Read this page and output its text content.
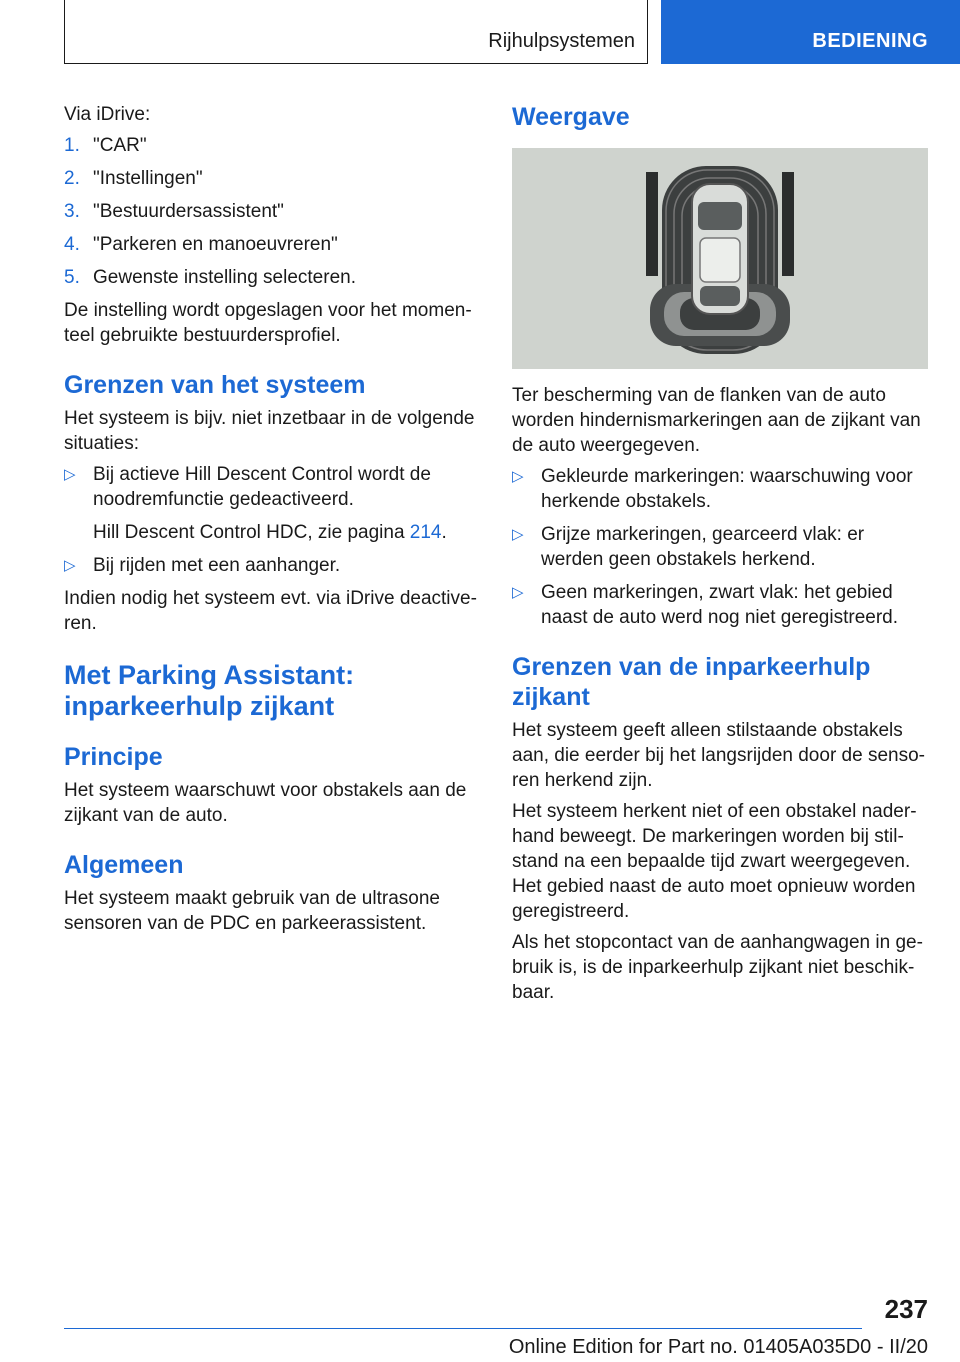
Rijhulpsystemen	BEDIENING

Via iDrive:

1. "CAR"
2. "Instellingen"
3. "Bestuurdersassistent"
4. "Parkeren en manoeuvreren"
5. Gewenste instelling selecteren.

De instelling wordt opgeslagen voor het momenteel gebruikte bestuurdersprofiel.

Grenzen van het systeem

Het systeem is bijv. niet inzetbaar in de volgende situaties:

▷ Bij actieve Hill Descent Control wordt de noodremfunctie gedeactiveerd.

Hill Descent Control HDC, zie pagina 214.

▷ Bij rijden met een aanhanger.

Indien nodig het systeem evt. via iDrive deactiveren.

Met Parking Assistant: inparkeerhulp zijkant
Principe

Het systeem waarschuwt voor obstakels aan de zijkant van de auto.

Algemeen

Het systeem maakt gebruik van de ultrasone sensoren van de PDC en parkeerassistent.

Weergave

Ter bescherming van de flanken van de auto worden hindernismarkeringen aan de zijkant van de auto weergegeven.

▷ Gekleurde markeringen: waarschuwing voor herkende obstakels.

▷ Grijze markeringen, gearceerd vlak: er werden geen obstakels herkend.

▷ Geen markeringen, zwart vlak: het gebied naast de auto werd nog niet geregistreerd.

Grenzen van de inparkeerhulp zijkant

Het systeem geeft alleen stilstaande obstakels aan, die eerder bij het langsrijden door de sensoren herkend zijn.

Het systeem herkent niet of een obstakel naderhand beweegt. De markeringen worden bij stilstand na een bepaalde tijd zwart weergegeven. Het gebied naast de auto moet opnieuw worden geregistreerd.

Als het stopcontact van de aanhangwagen in gebruik is, is de inparkeerhulp zijkant niet beschikbaar.

237
Online Edition for Part no. 01405A035D0 - II/20
